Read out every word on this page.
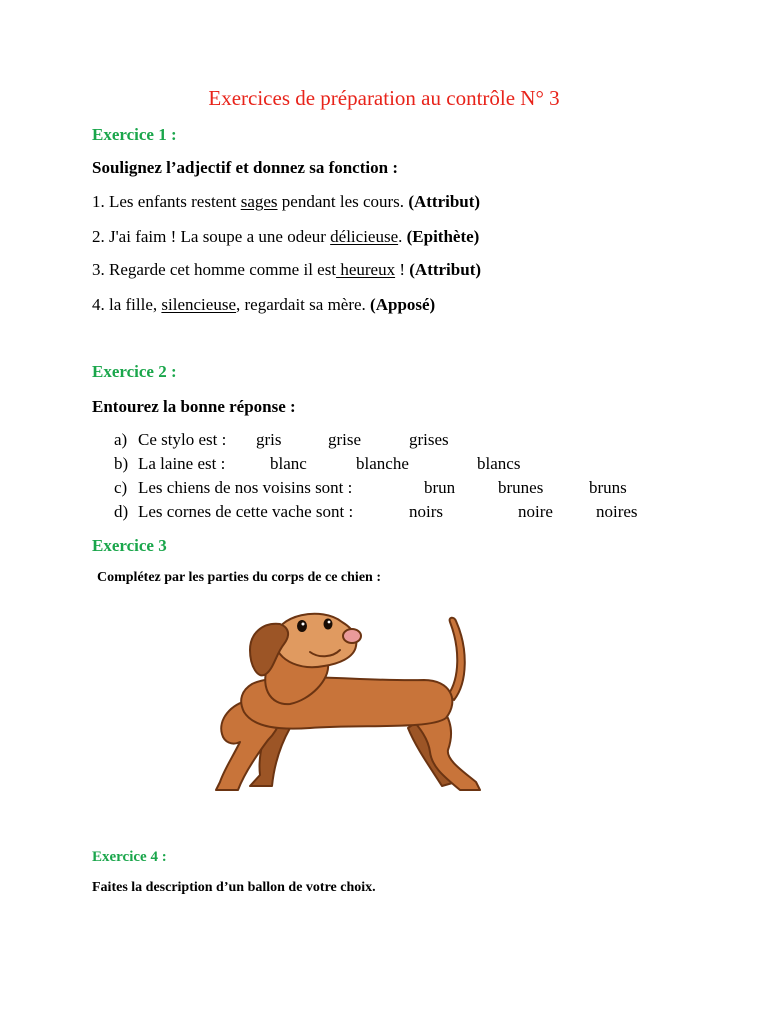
Exercices de préparation au contrôle N° 3
Exercice 1 :
Soulignez l’adjectif et donnez sa fonction :
1. Les enfants restent sages pendant les cours. (Attribut)
2. J'ai faim ! La soupe a une odeur délicieuse. (Epithète)
3. Regarde cet homme comme il est heureux ! (Attribut)
4. la fille, silencieuse, regardait sa mère. (Apposé)
Exercice 2 :
Entourez la bonne réponse :
a) Ce stylo est : gris	grise	grises
b) La laine est :	blanc	blanche	blancs
c) Les chiens de nos voisins sont :	brun	brunes	bruns
d) Les cornes de cette vache sont :	noirs	noire	noires
Exercice 3
Complétez par les parties du corps de ce chien :
Exercice 4 :
Faites la description d’un ballon de votre choix.
